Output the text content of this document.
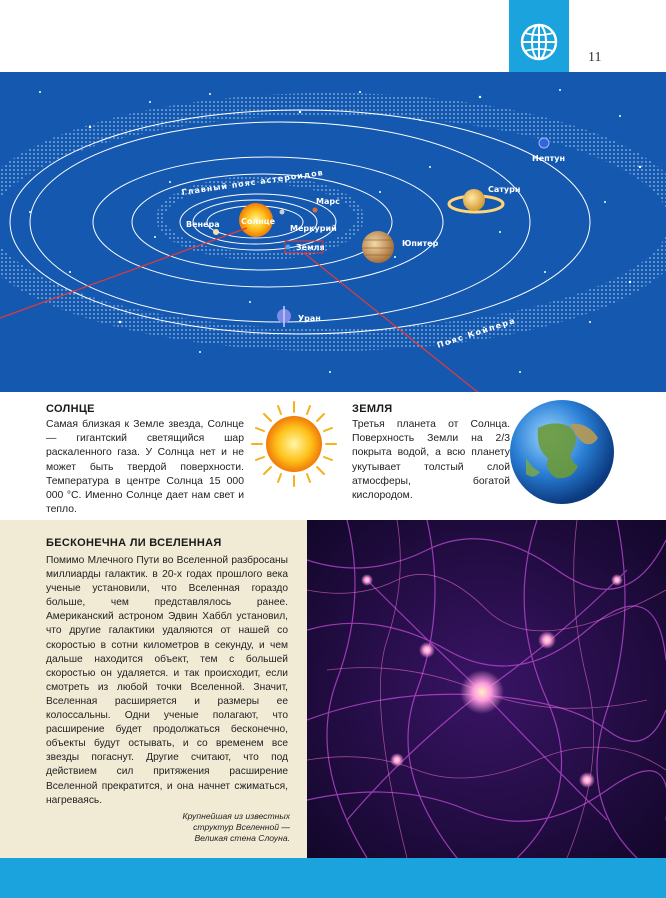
11
Главный пояс астероидов
Пояс Койпера
Солнце
Меркурий
Венера
Земля
Марс
Юпитер
Сатурн
Уран
Нептун
СОЛНЦЕ
Самая близкая к Земле звезда, Солнце — гигантский светящийся шар раскаленного газа. У Солнца нет и не может быть твердой поверхности. Температура в центре Солнца 15 000 000 °С. Именно Солнце дает нам свет и тепло.
ЗЕМЛЯ
Третья планета от Солнца. Поверхность Земли на 2/3 покрыта водой, а всю планету укутывает толстый слой атмосферы, богатой кислородом.
БЕСКОНЕЧНА ЛИ ВСЕЛЕННАЯ
Помимо Млечного Пути во Вселенной разбросаны миллиарды галактик. в 20-х годах прошлого века ученые установили, что Вселенная гораздо больше, чем представлялось ранее. Американский астроном Эдвин Хаббл установил, что другие галактики удаляются от нашей со скоростью в сотни километров в секунду, и чем дальше находится объект, тем с большей скоростью он удаляется. и так происходит, если смотреть из любой точки Вселенной. Значит, Вселенная расширяется и размеры ее колоссальны. Одни ученые полагают, что расширение будет продолжаться бесконечно, объекты будут остывать, и со временем все звезды погаснут. Другие считают, что под действием сил притяжения расширение Вселенной прекратится, и она начнет сжиматься, нагреваясь.
Крупнейшая из известных структур Вселенной — Великая стена Слоуна.
